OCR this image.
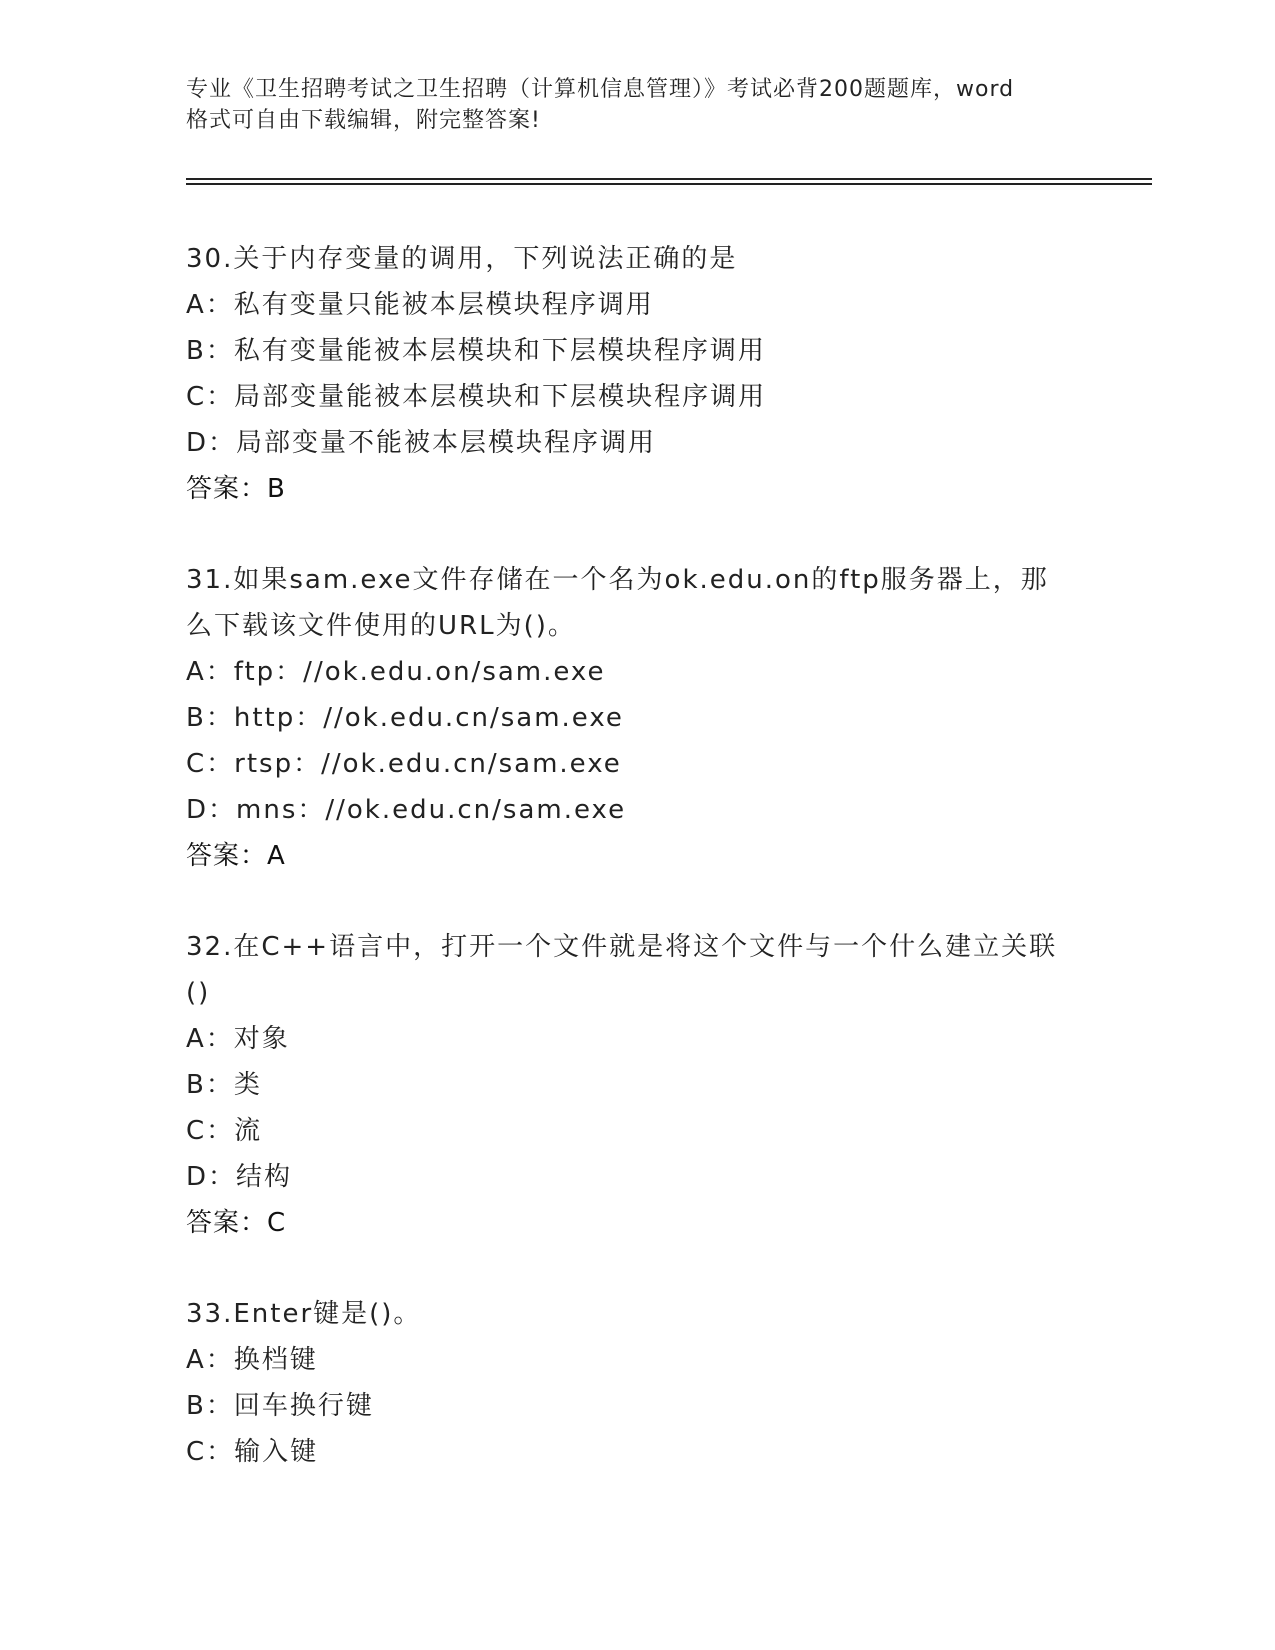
专业《卫生招聘考试之卫生招聘（计算机信息管理）》考试必背200题题库，word
格式可自由下载编辑，附完整答案!

30.关于内存变量的调用，下列说法正确的是

A：私有变量只能被本层模块程序调用

B：私有变量能被本层模块和下层模块程序调用

C：局部变量能被本层模块和下层模块程序调用

D：局部变量不能被本层模块程序调用

答案：B

31.如果sam.exe文件存储在一个名为ok.edu.on的ftp服务器上，那

么下载该文件使用的URL为()。

A：ftp：//ok.edu.on/sam.exe

B：http：//ok.edu.cn/sam.exe

C：rtsp：//ok.edu.cn/sam.exe

D：mns：//ok.edu.cn/sam.exe

答案：A

32.在C++语言中，打开一个文件就是将这个文件与一个什么建立关联

()

A：对象

B：类

C：流

D：结构

答案：C

33.Enter键是()。

A：换档键

B：回车换行键

C：输入键
